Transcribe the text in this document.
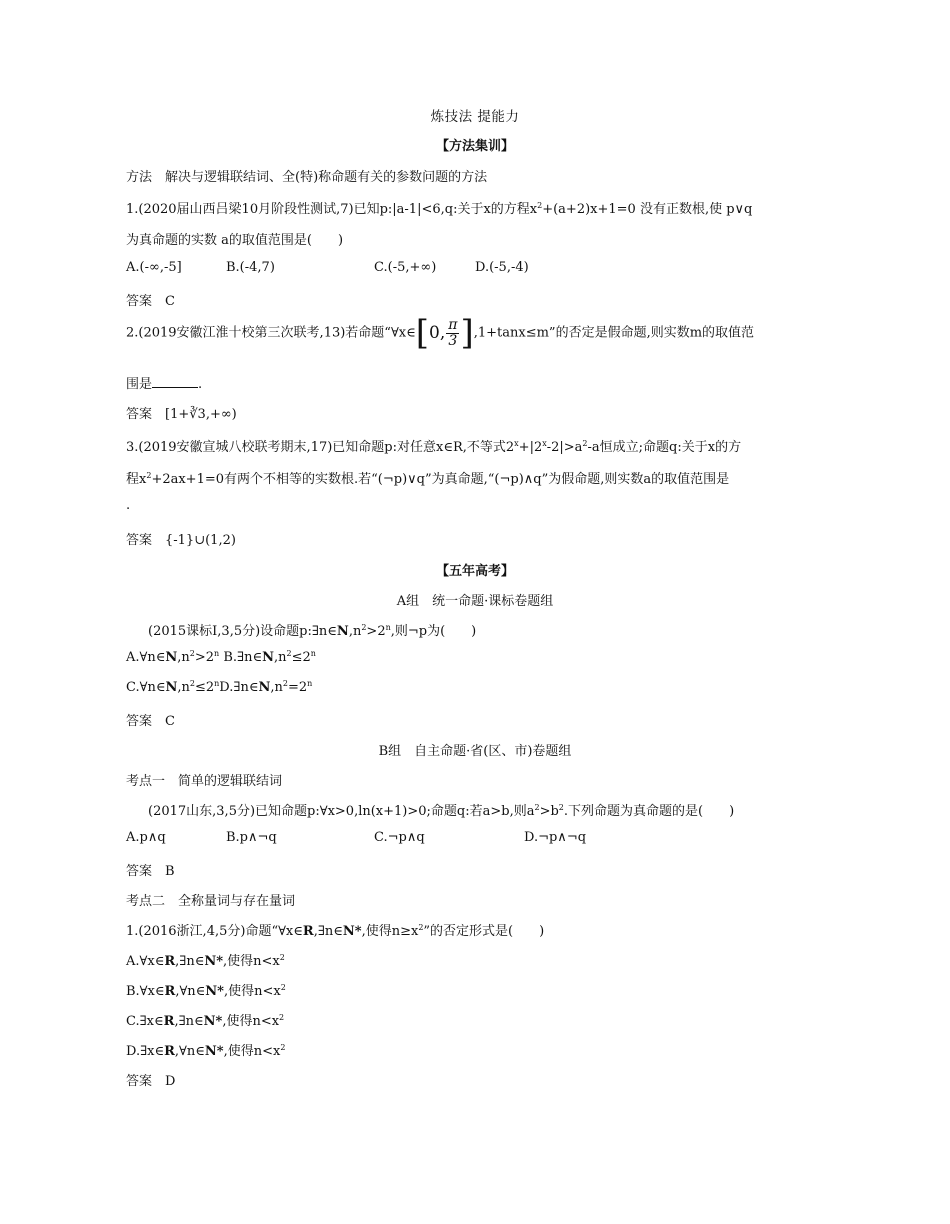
炼技法 提能力
【方法集训】
方法　解决与逻辑联结词、全(特)称命题有关的参数问题的方法
1.(2020届山西吕梁10月阶段性测试,7)已知p:|a-1|<6,q:关于x的方程$x^2+(a+2)x+1=0$ 没有正数根,使 p∨q
为真命题的实数 a的取值范围是(　　)
A.(-∞,-5]	B.(-4,7)	C.(-5,+∞)	D.(-5,-4)
答案　C
2.(2019安徽江淮十校第三次联考,13)若命题“∀x∈[0, $\frac{\pi}{3} ],1+\tan x\le m$”的否定是假命题,则实数m的取值范
围是	.
答案　[1+∛3,+∞)
3.(2019安徽宣城八校联考期末,17)已知命题p:对任意x∈R,不等式$2^x+|2^x-2|>a^2-a$恒成立;命题q:关于x的方
程$x^2+2ax+1=0$有两个不相等的实数根.若“(¬p)∨q”为真命题,“(¬p)∧q”为假命题,则实数a的取值范围是
.
答案　{-1}∪(1,2)
【五年高考】
A组　统一命题·课标卷题组
(2015课标Ⅰ,3,5分)设命题$p:\exists n\in N,n^2>2^n$,则¬p为(　　)
$A.\forall n\in N,n^2>2^n$ $B.\exists n\in N,n^2\le 2^n$
$C.\forall n\in N,n^2\le 2^nD.\exists n\in N,n^2=2^n$
答案　C
B组　自主命题·省(区、市)卷题组
考点一　简单的逻辑联结词
(2017山东,3,5分)已知命题p:∀x>0,ln(x+1)>0;命题q:若a>b,则$a^2>b^2$.下列命题为真命题的是(　　)
A.p∧q	B.p∧¬q	C.¬p∧q	D.¬p∧¬q
答案　B
考点二　全称量词与存在量词
1.(2016浙江,4,5分)命题“∀x∈R,∃n∈N*,使得$n\ge x^2$”的否定形式是(　　)
A.∀x∈R,∃n∈N*,使得$n<x^2$
B.∀x∈R,∀n∈N*,使得$n<x^2$
C.∃x∈R,∃n∈N*,使得$n<x^2$
D.∃x∈R,∀n∈N*,使得$n<x^2$
答案　D
